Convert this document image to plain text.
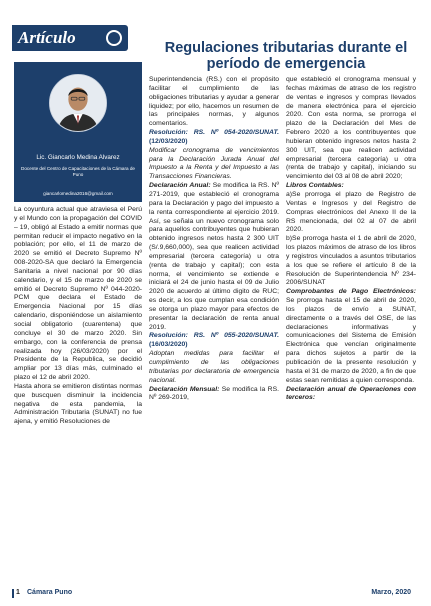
Artículo
Regulaciones tributarias durante el período de emergencia
Lic. Giancarlo Medina Alvarez
Docente del Centro de Capacitaciones de la Cámara de Puno
giancarlomedina2016@gmail.com

La coyuntura actual que atraviesa el Perú y el Mundo con la propagación del COVID – 19, obligó al Estado a emitir normas que permitan reducir el impacto negativo en la población; por ello, el 11 de marzo de 2020 se emitió el Decreto Supremo Nº 008-2020-SA que declaró la Emergencia Sanitaria a nivel nacional por 90 días calendario, y el 15 de marzo de 2020 se emitió el Decreto Supremo Nº 044-2020-PCM que declara el Estado de Emergencia Nacional por 15 días calendario, disponiéndose un aislamiento social obligatorio (cuarentena) que concluye el 30 de marzo 2020. Sin embargo, con la conferencia de prensa realizada hoy (26/03/2020) por el Presidente de la Republica, se decidió ampliar por 13 días más, culminado el plazo el 12 de abril 2020.

Hasta ahora se emitieron distintas normas que buscquen disminuir la incidencia negativa de esta pandemia, la Administración Tributaria (SUNAT) no fue ajena, y emitió Resoluciones de

Superintendencia (RS.) con el propósito facilitar el cumplimiento de las obligaciones tributarias y ayudar a generar liquidez; por ello, hacemos un resumen de las principales normas, y algunos comentarios.

Resolución: RS. Nº 054-2020/SUNAT. (12/03/2020)

Modificar cronograma de vencimientos para la Declaración Jurada Anual del Impuesto a la Renta y del Impuesto a las Transacciones Financieras.

Declaración Anual: Se modifica la RS. Nº 271-2019, que estableció el cronograma para la Declaración y pago del impuesto a la renta correspondiente al ejercicio 2019. Así, se señala un nuevo cronograma solo para aquellos contribuyentes que hubieran obtenido ingresos netos hasta 2 300 UIT (S/.9,660,000), sea que realicen actividad empresarial (tercera categoría) u otra (renta de trabajo y capital); con esta norma, el vencimiento se extiende e iniciará el 24 de junio hasta el 09 de Julio 2020 de acuerdo al último digito de RUC; es decir, a los que cumplan esa condición se otorga un plazo mayor para efectos de presentar la declaración de renta anual 2019.

Resolución: RS. Nº 055-2020/SUNAT. (16/03/2020)

Adoptan medidas para facilitar el cumplimiento de las obligaciones tributarias por declaratoria de emergencia nacional.

Declaración Mensual: Se modifica la RS. Nº 269-2019,

que estableció el cronograma mensual y fechas máximas de atraso de los registro de ventas e ingresos y compras llevados de manera electrónica para el ejercicio 2020. Con esta norma, se prorroga el plazo de la Declaración del Mes de Febrero 2020 a los contribuyentes que hubieran obtenido ingresos netos hasta 2 300 UIT, sea que realicen actividad empresarial (tercera categoría) u otra (renta de trabajo y capital), iniciando su vencimiento del 03 al 08 de abril 2020;

Libros Contables:

a)Se prorroga el plazo de Registro de Ventas e Ingresos y del Registro de Compras electrónicos del Anexo II de la RS mencionada, del 02 al 07 de abril 2020.

b)Se prorroga hasta el 1 de abril de 2020, los plazos máximos de atraso de los libros y registros vinculados a asuntos tributarios a los que se refiere el artículo 8 de la Resolución de Superintendencia Nº 234-2006/SUNAT

Comprobantes de Pago Electrónicos: Se prorroga hasta el 15 de abril de 2020, los plazos de envío a SUNAT, directamente o a través del OSE, de las declaraciones informativas y comunicaciones del Sistema de Emisión Electrónica que vencían originalmente para dichos sujetos a partir de la publicación de la presente resolución y hasta el 31 de marzo de 2020, a fin de que estas sean remitidas a quien corresponda.

Declaración anual de Operaciones con terceros:

1 Cámara Puno	Marzo, 2020
